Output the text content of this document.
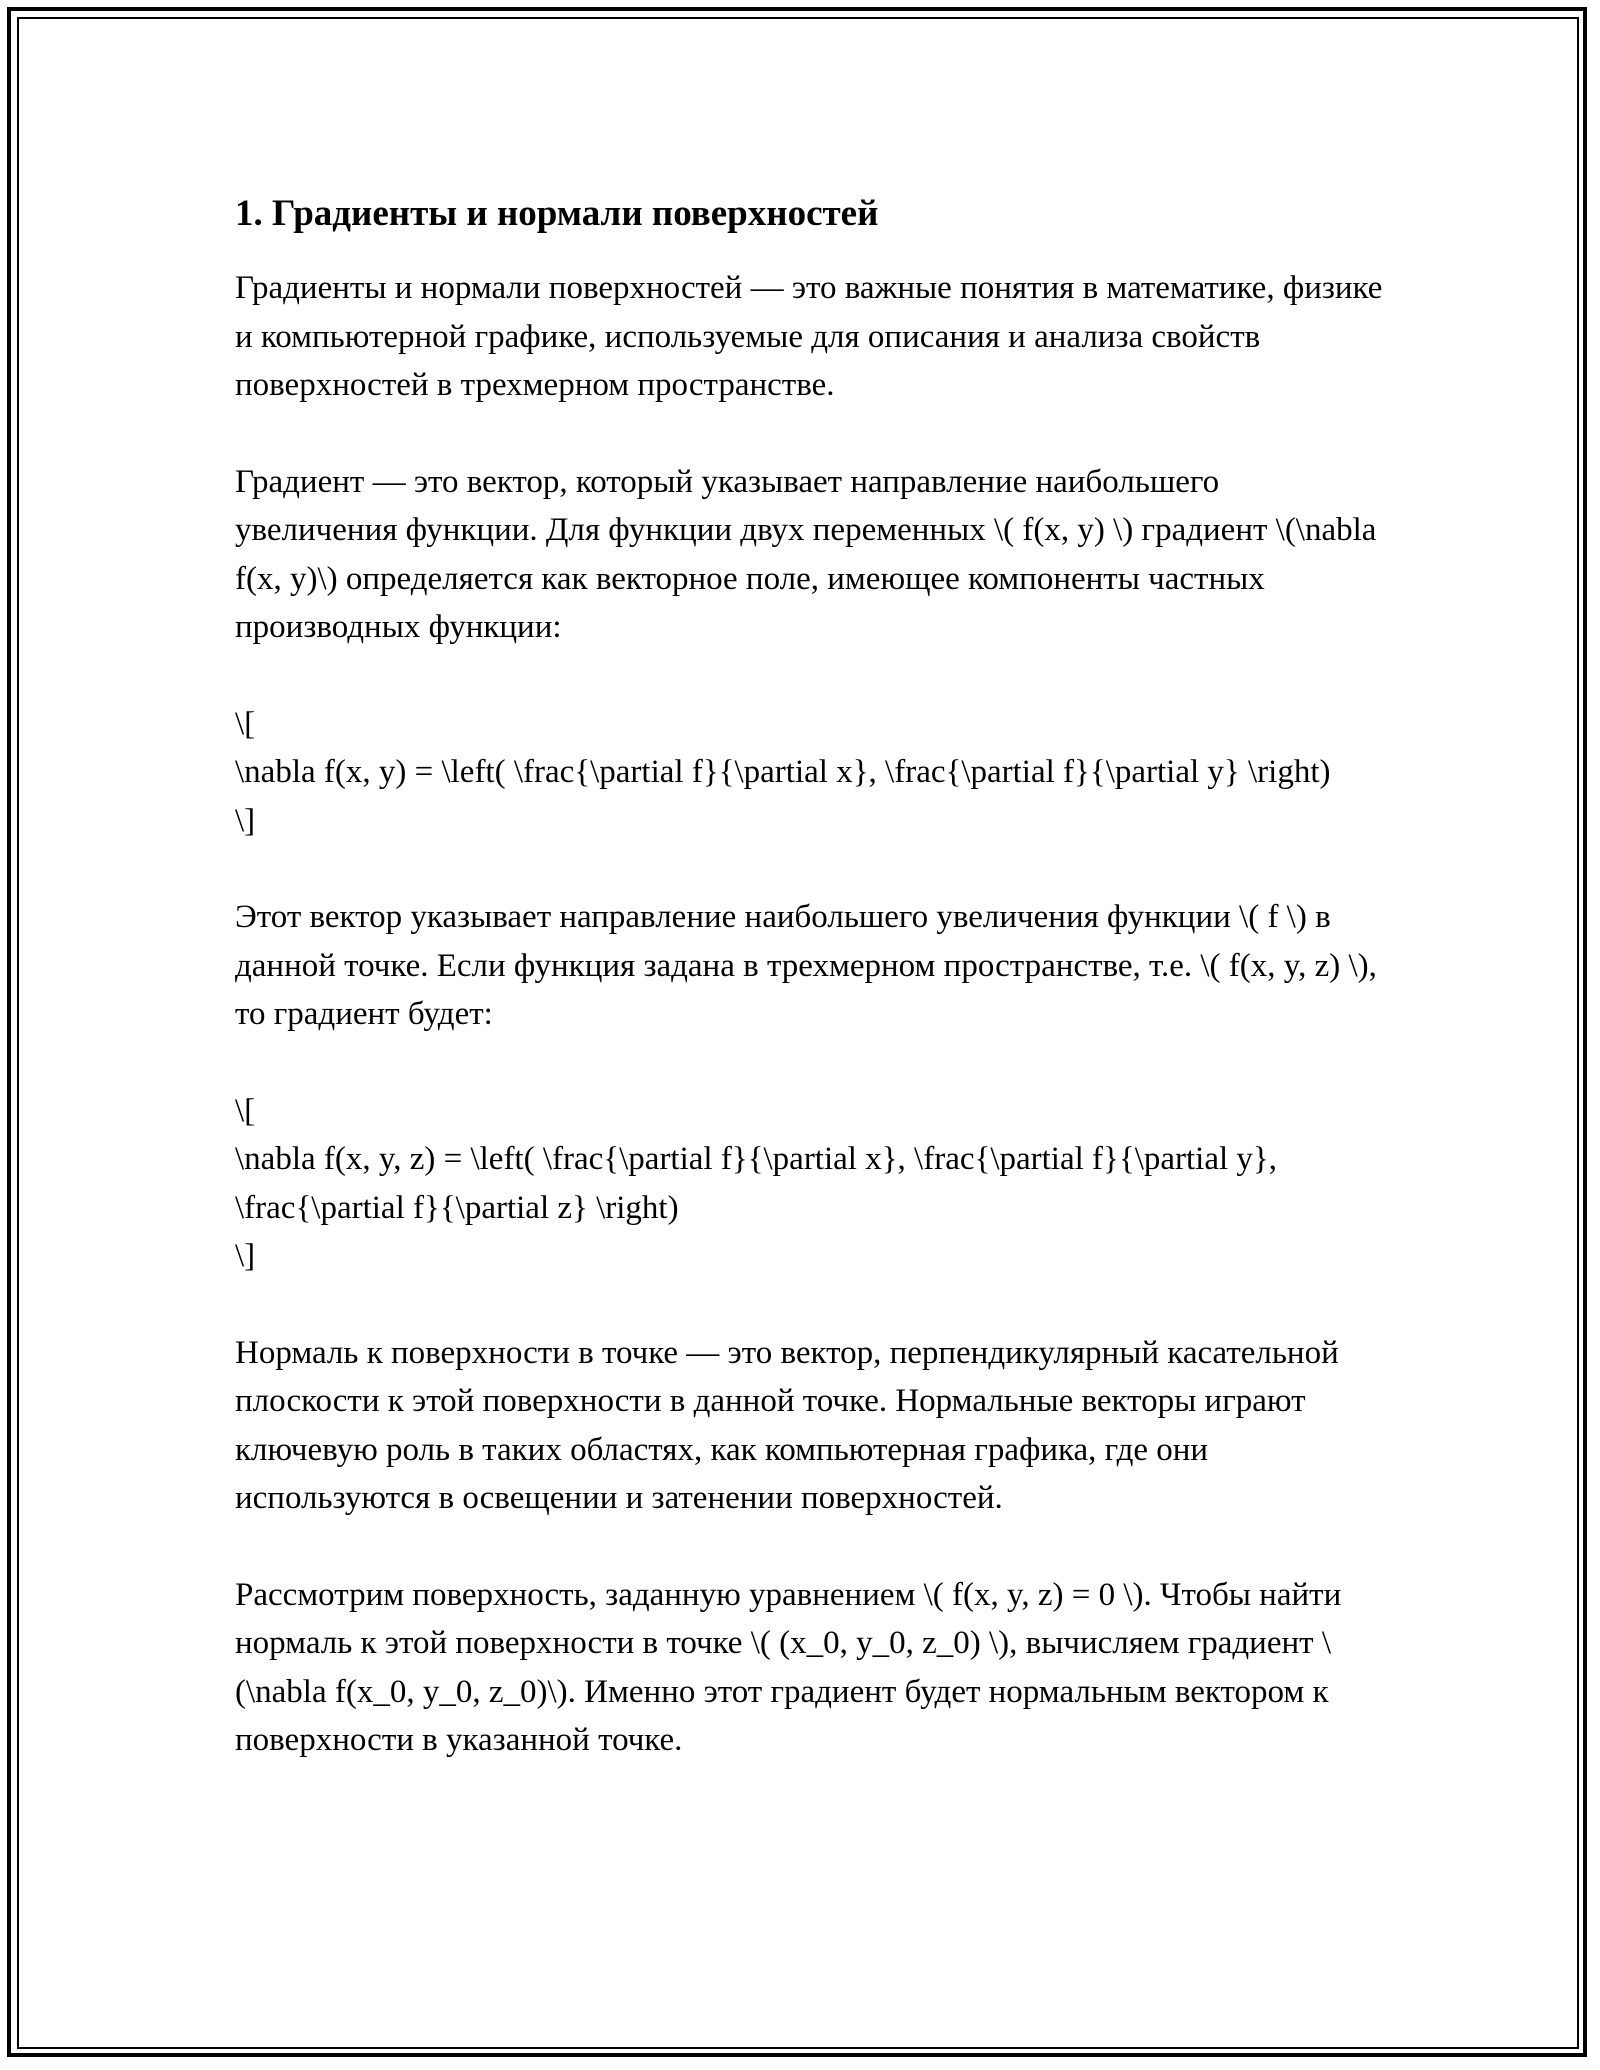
1. Градиенты и нормали поверхностей

Градиенты и нормали поверхностей — это важные понятия в математике, физике и компьютерной графике, используемые для описания и анализа свойств поверхностей в трехмерном пространстве.

Градиент — это вектор, который указывает направление наибольшего увеличения функции. Для функции двух переменных \( f(x, y) \) градиент \(\nabla f(x, y)\) определяется как векторное поле, имеющее компоненты частных производных функции:

\[
\nabla f(x, y) = \left( \frac{\partial f}{\partial x}, \frac{\partial f}{\partial y} \right)
\]

Этот вектор указывает направление наибольшего увеличения функции \( f \) в данной точке. Если функция задана в трехмерном пространстве, т.е. \( f(x, y, z) \), то градиент будет:

\[
\nabla f(x, y, z) = \left( \frac{\partial f}{\partial x}, \frac{\partial f}{\partial y}, \frac{\partial f}{\partial z} \right)
\]

Нормаль к поверхности в точке — это вектор, перпендикулярный касательной плоскости к этой поверхности в данной точке. Нормальные векторы играют ключевую роль в таких областях, как компьютерная графика, где они используются в освещении и затенении поверхностей.

Рассмотрим поверхность, заданную уравнением \( f(x, y, z) = 0 \). Чтобы найти нормаль к этой поверхности в точке \( (x_0, y_0, z_0) \), вычисляем градиент \(\nabla f(x_0, y_0, z_0)\). Именно этот градиент будет нормальным вектором к поверхности в указанной точке.
